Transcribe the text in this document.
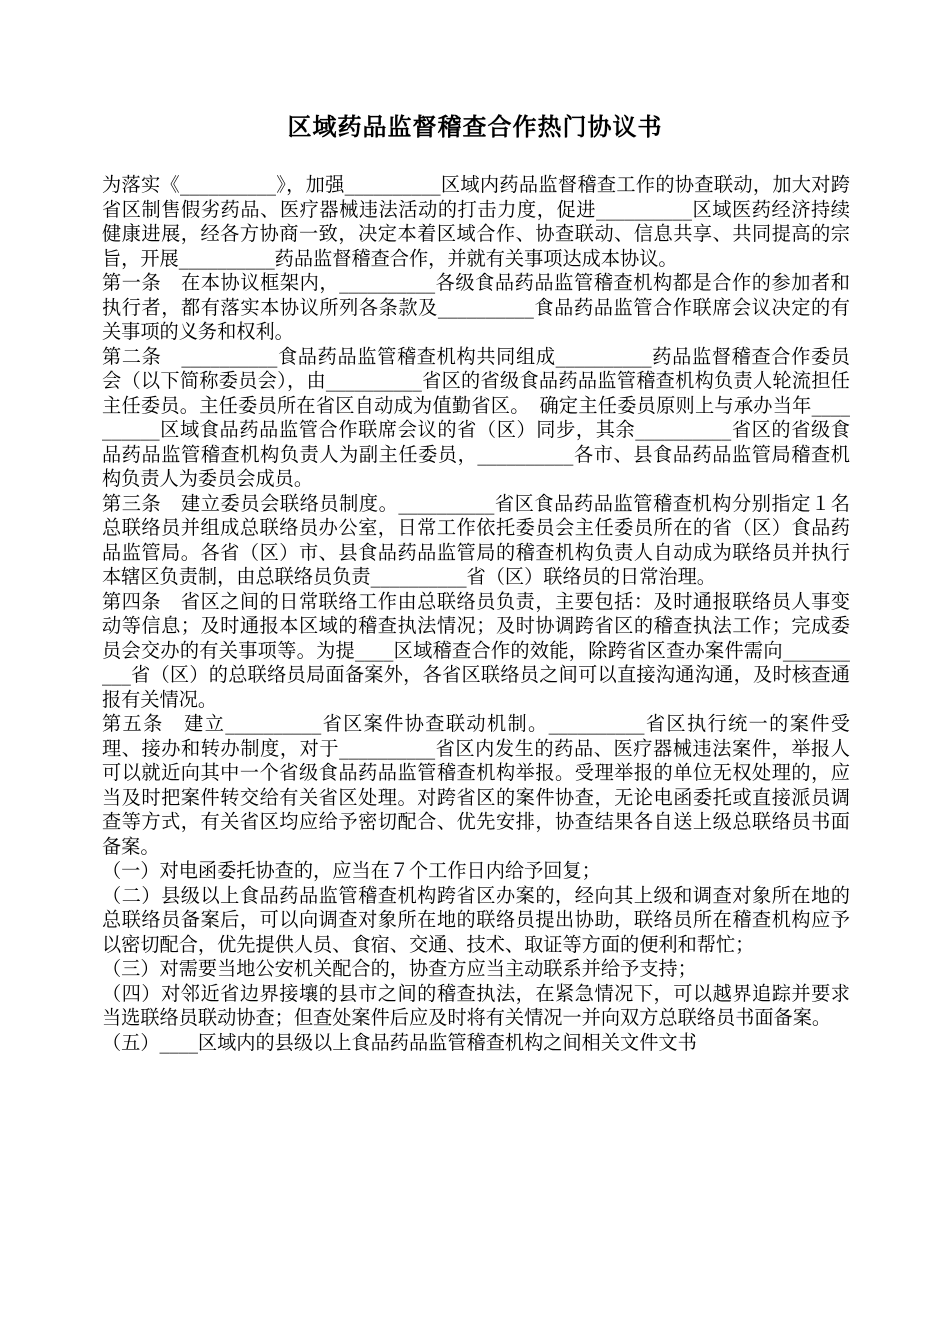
区域药品监督稽查合作热门协议书

为落实《__________》，加强__________区域内药品监督稽查工作的协查联动，加大对跨省区制售假劣药品、医疗器械违法活动的打击力度，促进__________区域医药经济持续健康进展，经各方协商一致，决定本着区域合作、协查联动、信息共享、共同提高的宗旨，开展__________药品监督稽查合作，并就有关事项达成本协议。

第一条　在本协议框架内，__________各级食品药品监管稽查机构都是合作的参加者和执行者，都有落实本协议所列各条款及__________食品药品监管合作联席会议决定的有关事项的义务和权利。

第二条　__________食品药品监管稽查机构共同组成__________药品监督稽查合作委员会（以下简称委员会），由__________省区的省级食品药品监管稽查机构负责人轮流担任主任委员。主任委员所在省区自动成为值勤省区。　确定主任委员原则上与承办当年__________区域食品药品监管合作联席会议的省（区）同步，其余__________省区的省级食品药品监管稽查机构负责人为副主任委员，__________各市、县食品药品监管局稽查机构负责人为委员会成员。

第三条　建立委员会联络员制度。__________省区食品药品监管稽查机构分别指定１名总联络员并组成总联络员办公室，日常工作依托委员会主任委员所在的省（区）食品药品监管局。各省（区）市、县食品药品监管局的稽查机构负责人自动成为联络员并执行本辖区负责制，由总联络员负责__________省（区）联络员的日常治理。

第四条　省区之间的日常联络工作由总联络员负责，主要包括：及时通报联络员人事变动等信息；及时通报本区域的稽查执法情况；及时协调跨省区的稽查执法工作；完成委员会交办的有关事项等。为提____区域稽查合作的效能，除跨省区查办案件需向__________省（区）的总联络员局面备案外，各省区联络员之间可以直接沟通沟通，及时核查通报有关情况。

第五条　建立__________省区案件协查联动机制。__________省区执行统一的案件受理、接办和转办制度，对于__________省区内发生的药品、医疗器械违法案件，举报人可以就近向其中一个省级食品药品监管稽查机构举报。受理举报的单位无权处理的，应当及时把案件转交给有关省区处理。对跨省区的案件协查，无论电函委托或直接派员调查等方式，有关省区均应给予密切配合、优先安排，协查结果各自送上级总联络员书面备案。

（一）对电函委托协查的，应当在７个工作日内给予回复；

（二）县级以上食品药品监管稽查机构跨省区办案的，经向其上级和调查对象所在地的总联络员备案后，可以向调查对象所在地的联络员提出协助，联络员所在稽查机构应予以密切配合，优先提供人员、食宿、交通、技术、取证等方面的便利和帮忙；

（三）对需要当地公安机关配合的，协查方应当主动联系并给予支持；

（四）对邻近省边界接壤的县市之间的稽查执法，在紧急情况下，可以越界追踪并要求当选联络员联动协查；但查处案件后应及时将有关情况一并向双方总联络员书面备案。

（五）____区域内的县级以上食品药品监管稽查机构之间相关文件文书
